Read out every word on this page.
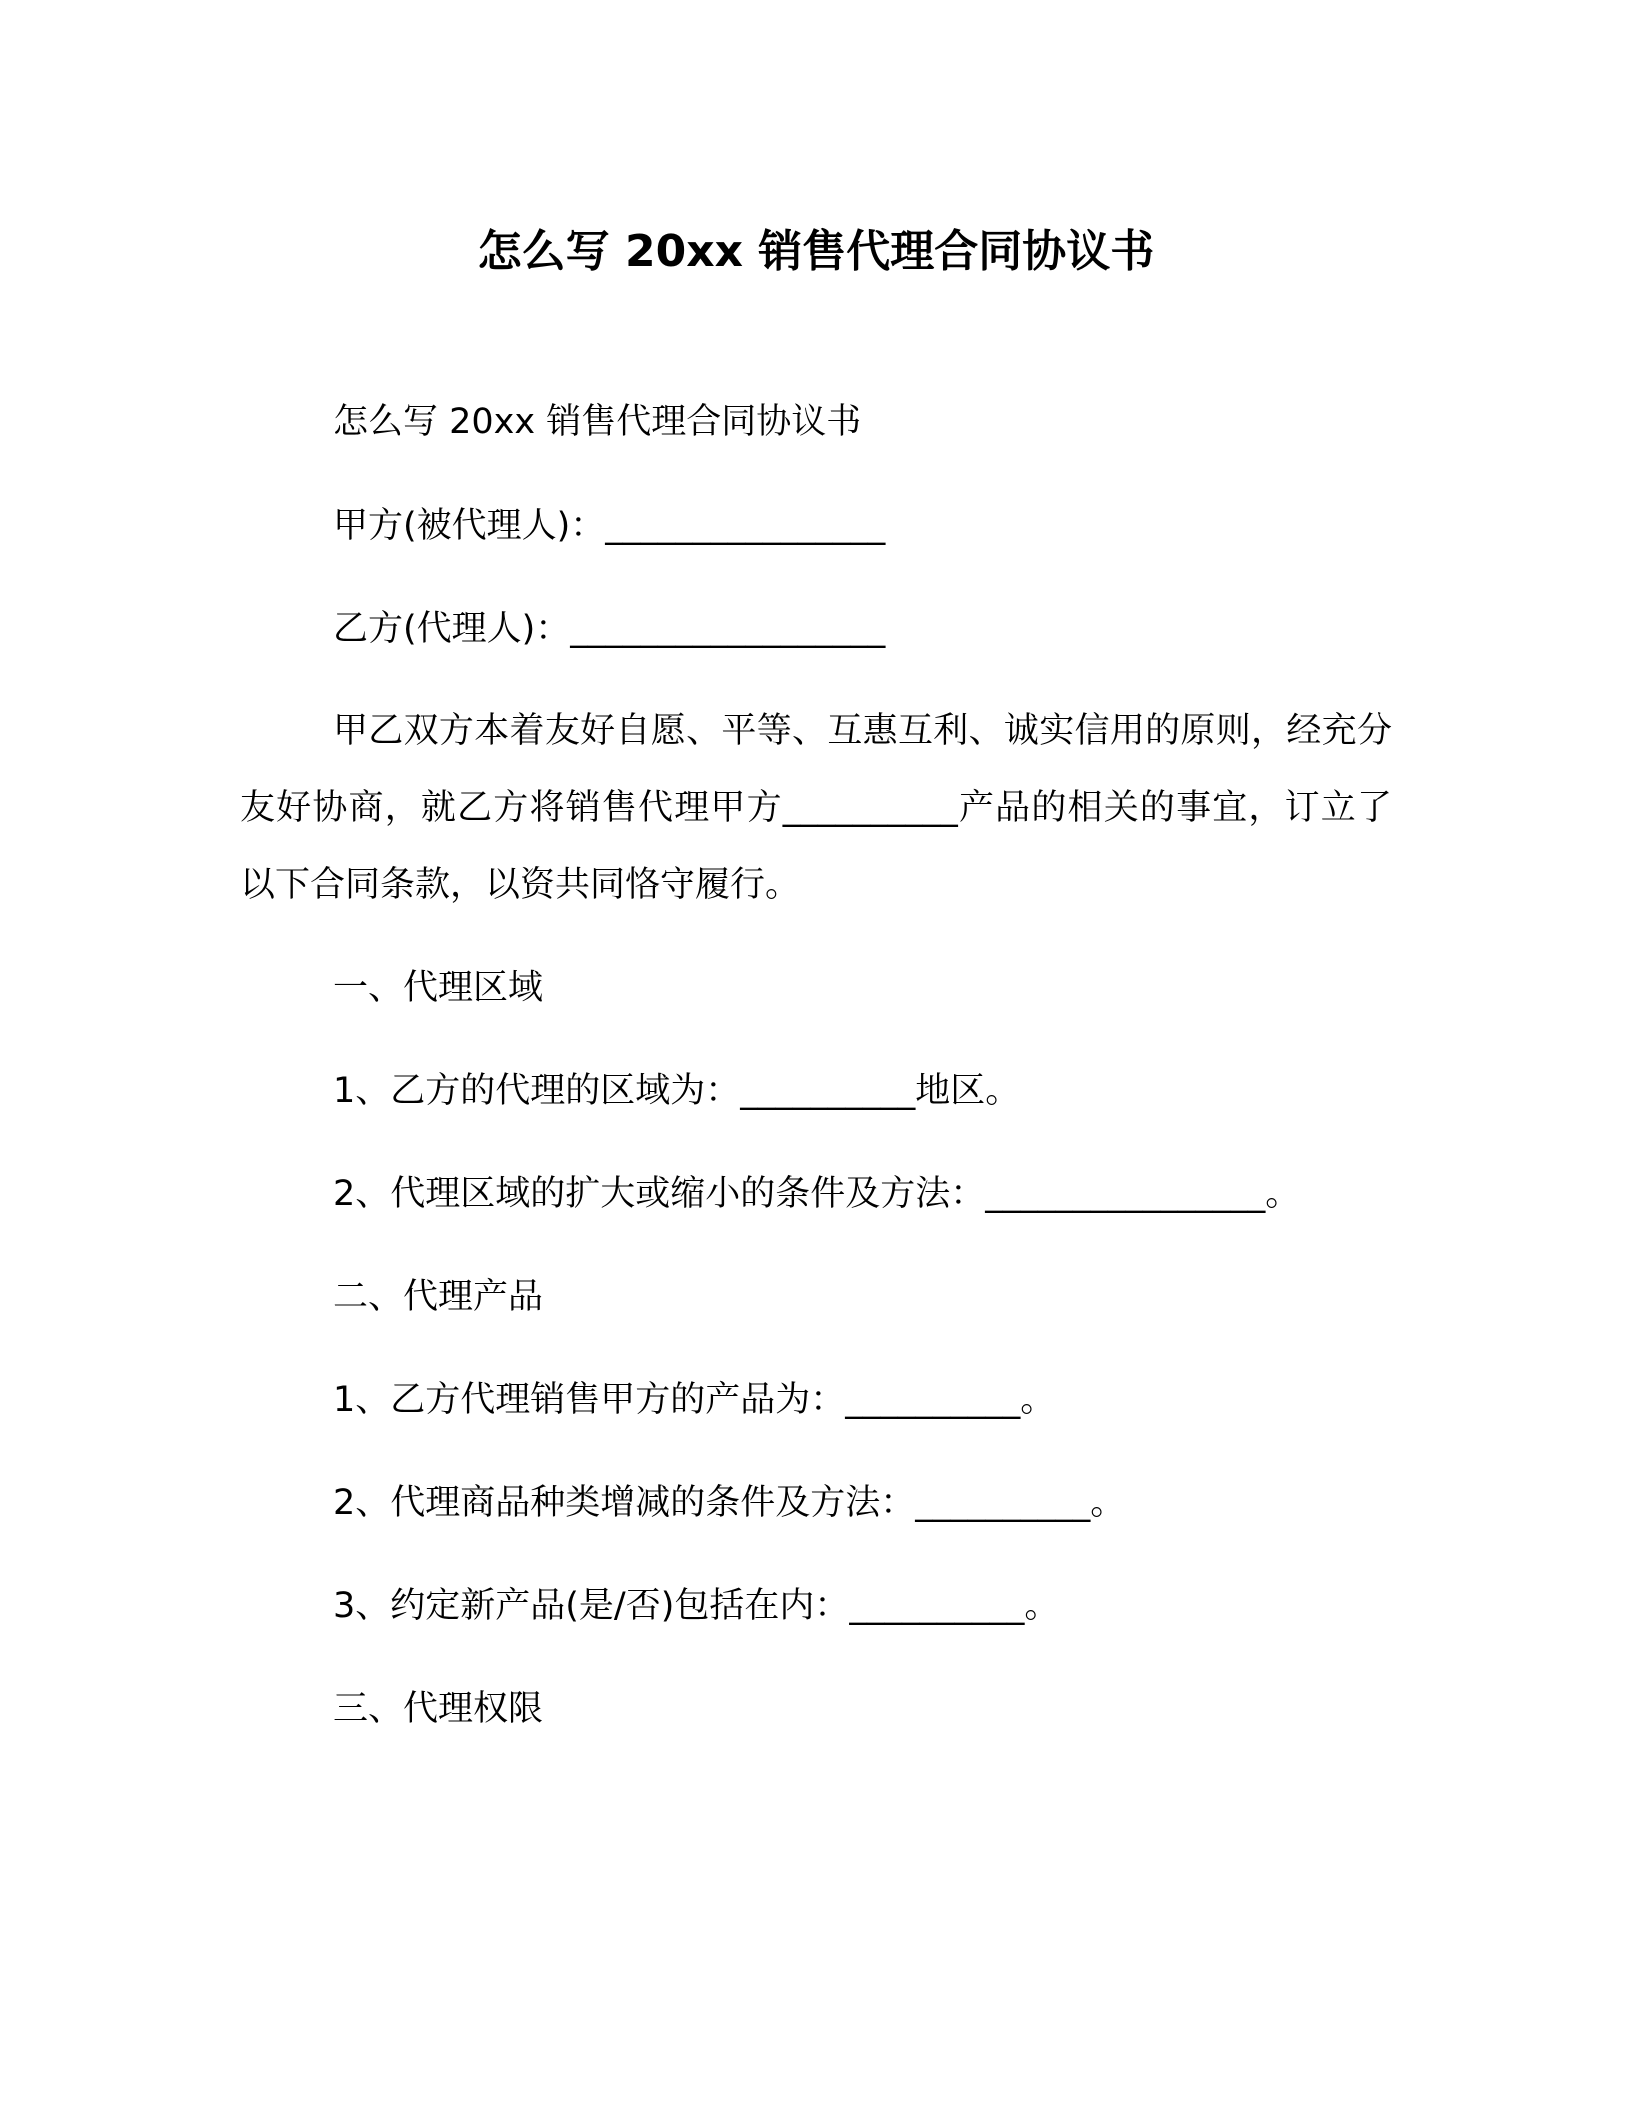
怎么写 20xx 销售代理合同协议书
怎么写 20xx 销售代理合同协议书
甲方(被代理人)：________________
乙方(代理人)：__________________
甲乙双方本着友好自愿、平等、互惠互利、诚实信用的原则，经充分友好协商，就乙方将销售代理甲方__________产品的相关的事宜，订立了以下合同条款，以资共同恪守履行。
一、代理区域
1、乙方的代理的区域为：__________地区。
2、代理区域的扩大或缩小的条件及方法：________________。
二、代理产品
1、乙方代理销售甲方的产品为：__________。
2、代理商品种类增减的条件及方法：__________。
3、约定新产品(是/否)包括在内：__________。
三、代理权限
